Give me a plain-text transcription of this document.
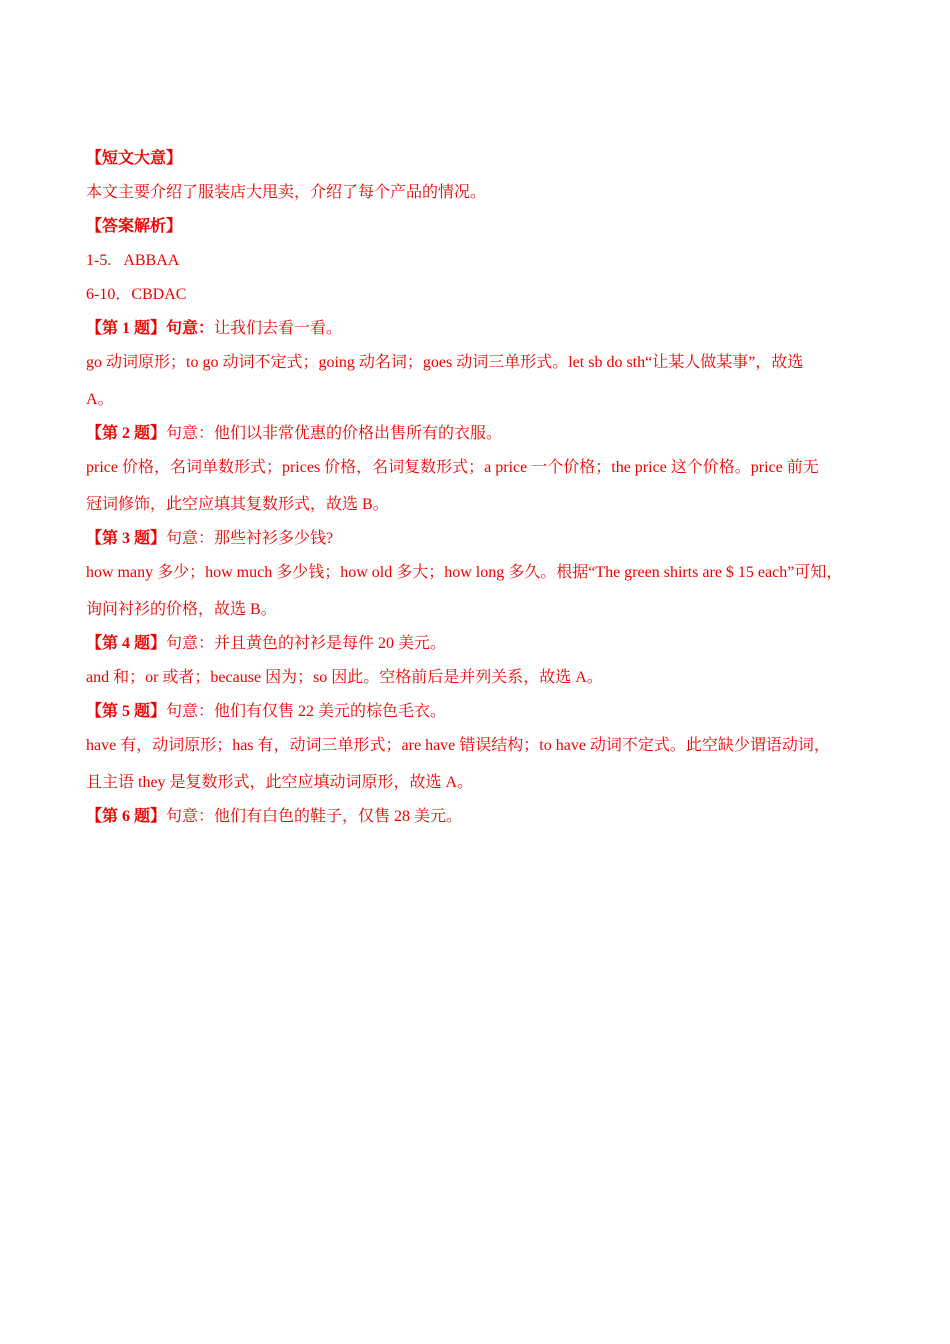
【短文大意】

本文主要介绍了服装店大甩卖，介绍了每个产品的情况。

【答案解析】

1-5.   ABBAA

6-10．CBDAC

【第 1 题】句意：让我们去看一看。

go 动词原形；to go 动词不定式；going 动名词；goes 动词三单形式。let sb do sth“让某人做某事”，故选

A。

【第 2 题】句意：他们以非常优惠的价格出售所有的衣服。

price 价格，名词单数形式；prices 价格，名词复数形式；a price 一个价格；the price 这个价格。price 前无

冠词修饰，此空应填其复数形式，故选 B。

【第 3 题】句意：那些衬衫多少钱?

how many 多少；how much 多少钱；how old 多大；how long 多久。根据“The green shirts are $ 15 each”可知，

询问衬衫的价格，故选 B。

【第 4 题】句意：并且黄色的衬衫是每件 20 美元。

and 和；or 或者；because 因为；so 因此。空格前后是并列关系，故选 A。

【第 5 题】句意：他们有仅售 22 美元的棕色毛衣。

have 有，动词原形；has 有，动词三单形式；are have 错误结构；to have 动词不定式。此空缺少谓语动词，

且主语 they 是复数形式，此空应填动词原形，故选 A。

【第 6 题】句意：他们有白色的鞋子，仅售 28 美元。
